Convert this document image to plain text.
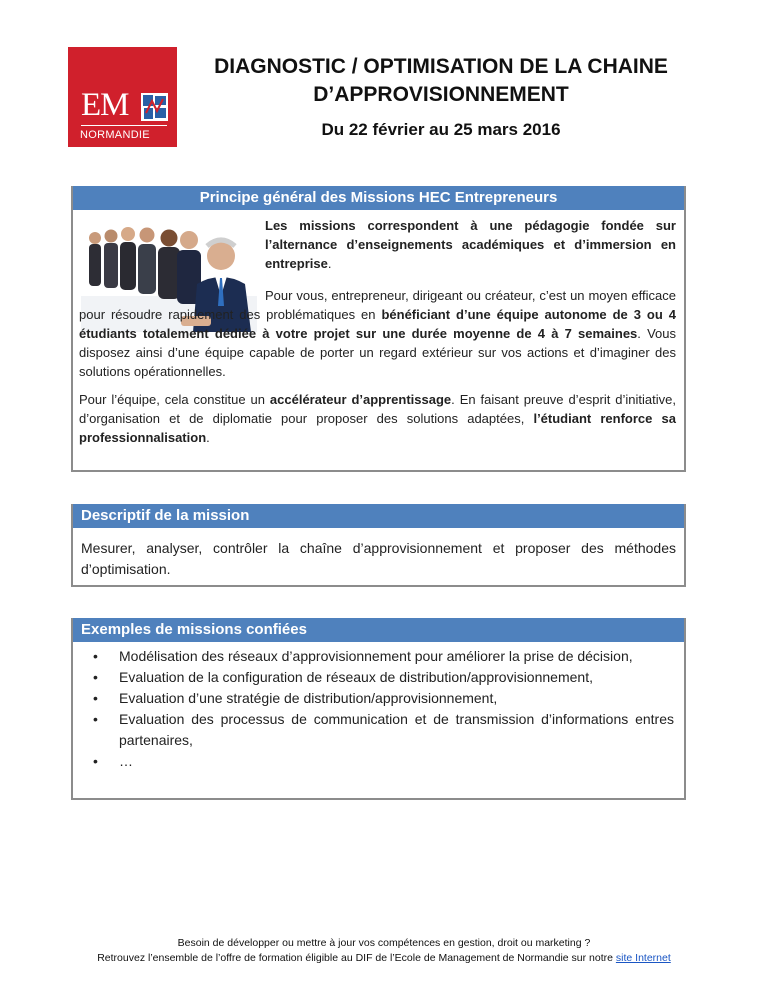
EM
NORMANDIE
DIAGNOSTIC / OPTIMISATION DE LA CHAINE
D’APPROVISIONNEMENT
Du 22 février au 25 mars 2016
Principe général des Missions HEC Entrepreneurs

Les missions correspondent à une pédagogie fondée sur l’alternance d’enseignements académiques et d’immersion en entreprise.

Pour vous, entrepreneur, dirigeant ou créateur, c’est un moyen efficace pour résoudre rapidement des problématiques en bénéficiant d’une équipe autonome de 3 ou 4 étudiants totalement dédiée à votre projet sur une durée moyenne de 4 à 7 semaines. Vous disposez ainsi d’une équipe capable de porter un regard extérieur sur vos actions et d’imaginer des solutions opérationnelles.

Pour l’équipe, cela constitue un accélérateur d’apprentissage. En faisant preuve d’esprit d’initiative, d’organisation et de diplomatie pour proposer des solutions adaptées, l’étudiant renforce sa professionnalisation.

Descriptif de la mission

Mesurer, analyser, contrôler la chaîne d’approvisionnement et proposer des méthodes d’optimisation.

Exemples de missions confiées
• Modélisation des réseaux d’approvisionnement pour améliorer la prise de décision,
• Evaluation de la configuration de réseaux de distribution/approvisionnement,
• Evaluation d’une stratégie de distribution/approvisionnement,
• Evaluation des processus de communication et de transmission d’informations entres partenaires,
• …
Besoin de développer ou mettre à jour vos compétences en gestion, droit ou marketing ?
Retrouvez l’ensemble de l’offre de formation éligible au DIF de l’Ecole de Management de Normandie sur notre site Internet
